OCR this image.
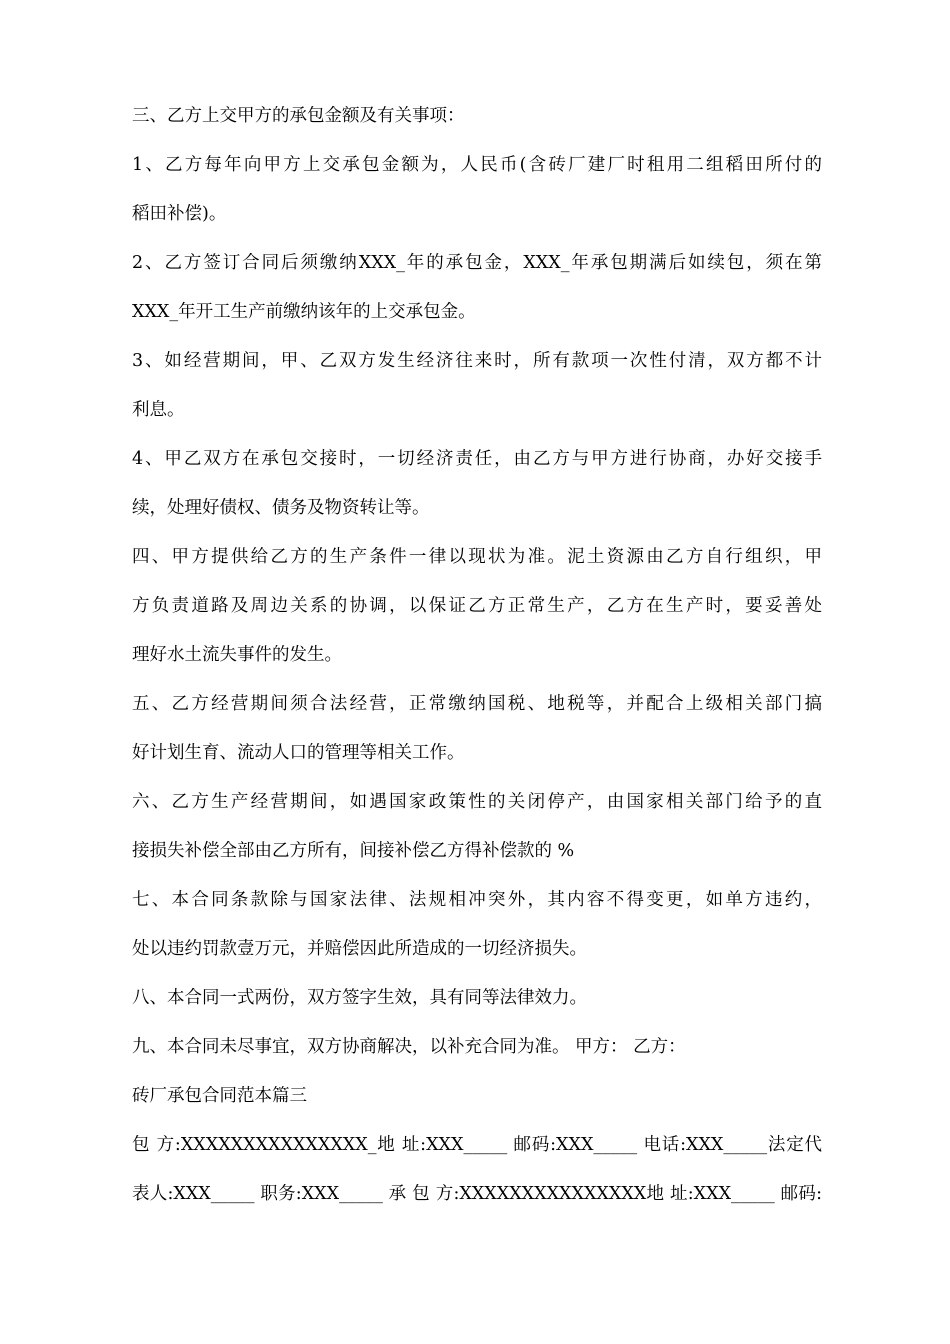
三、乙方上交甲方的承包金额及有关事项：
1、乙方每年向甲方上交承包金额为，人民币(含砖厂建厂时租用二组稻田所付的
稻田补偿)。
2、乙方签订合同后须缴纳XXX_年的承包金，XXX_年承包期满后如续包，须在第
XXX_年开工生产前缴纳该年的上交承包金。
3、如经营期间，甲、乙双方发生经济往来时，所有款项一次性付清，双方都不计
利息。
4、甲乙双方在承包交接时，一切经济责任，由乙方与甲方进行协商，办好交接手
续，处理好债权、债务及物资转让等。
四、甲方提供给乙方的生产条件一律以现状为准。泥土资源由乙方自行组织，甲
方负责道路及周边关系的协调，以保证乙方正常生产，乙方在生产时，要妥善处
理好水土流失事件的发生。
五、乙方经营期间须合法经营，正常缴纳国税、地税等，并配合上级相关部门搞
好计划生育、流动人口的管理等相关工作。
六、乙方生产经营期间，如遇国家政策性的关闭停产，由国家相关部门给予的直
接损失补偿全部由乙方所有，间接补偿乙方得补偿款的 %
七、本合同条款除与国家法律、法规相冲突外，其内容不得变更，如单方违约，
处以违约罚款壹万元，并赔偿因此所造成的一切经济损失。
八、本合同一式两份，双方签字生效，具有同等法律效力。
九、本合同未尽事宜，双方协商解决，以补充合同为准。 甲方： 乙方：
砖厂承包合同范本篇三
包 方:XXXXXXXXXXXXXXX_地 址:XXX_____ 邮码:XXX_____ 电话:XXX_____法定代
表人:XXX_____ 职务:XXX_____ 承 包 方:XXXXXXXXXXXXXXX地 址:XXX_____ 邮码:
